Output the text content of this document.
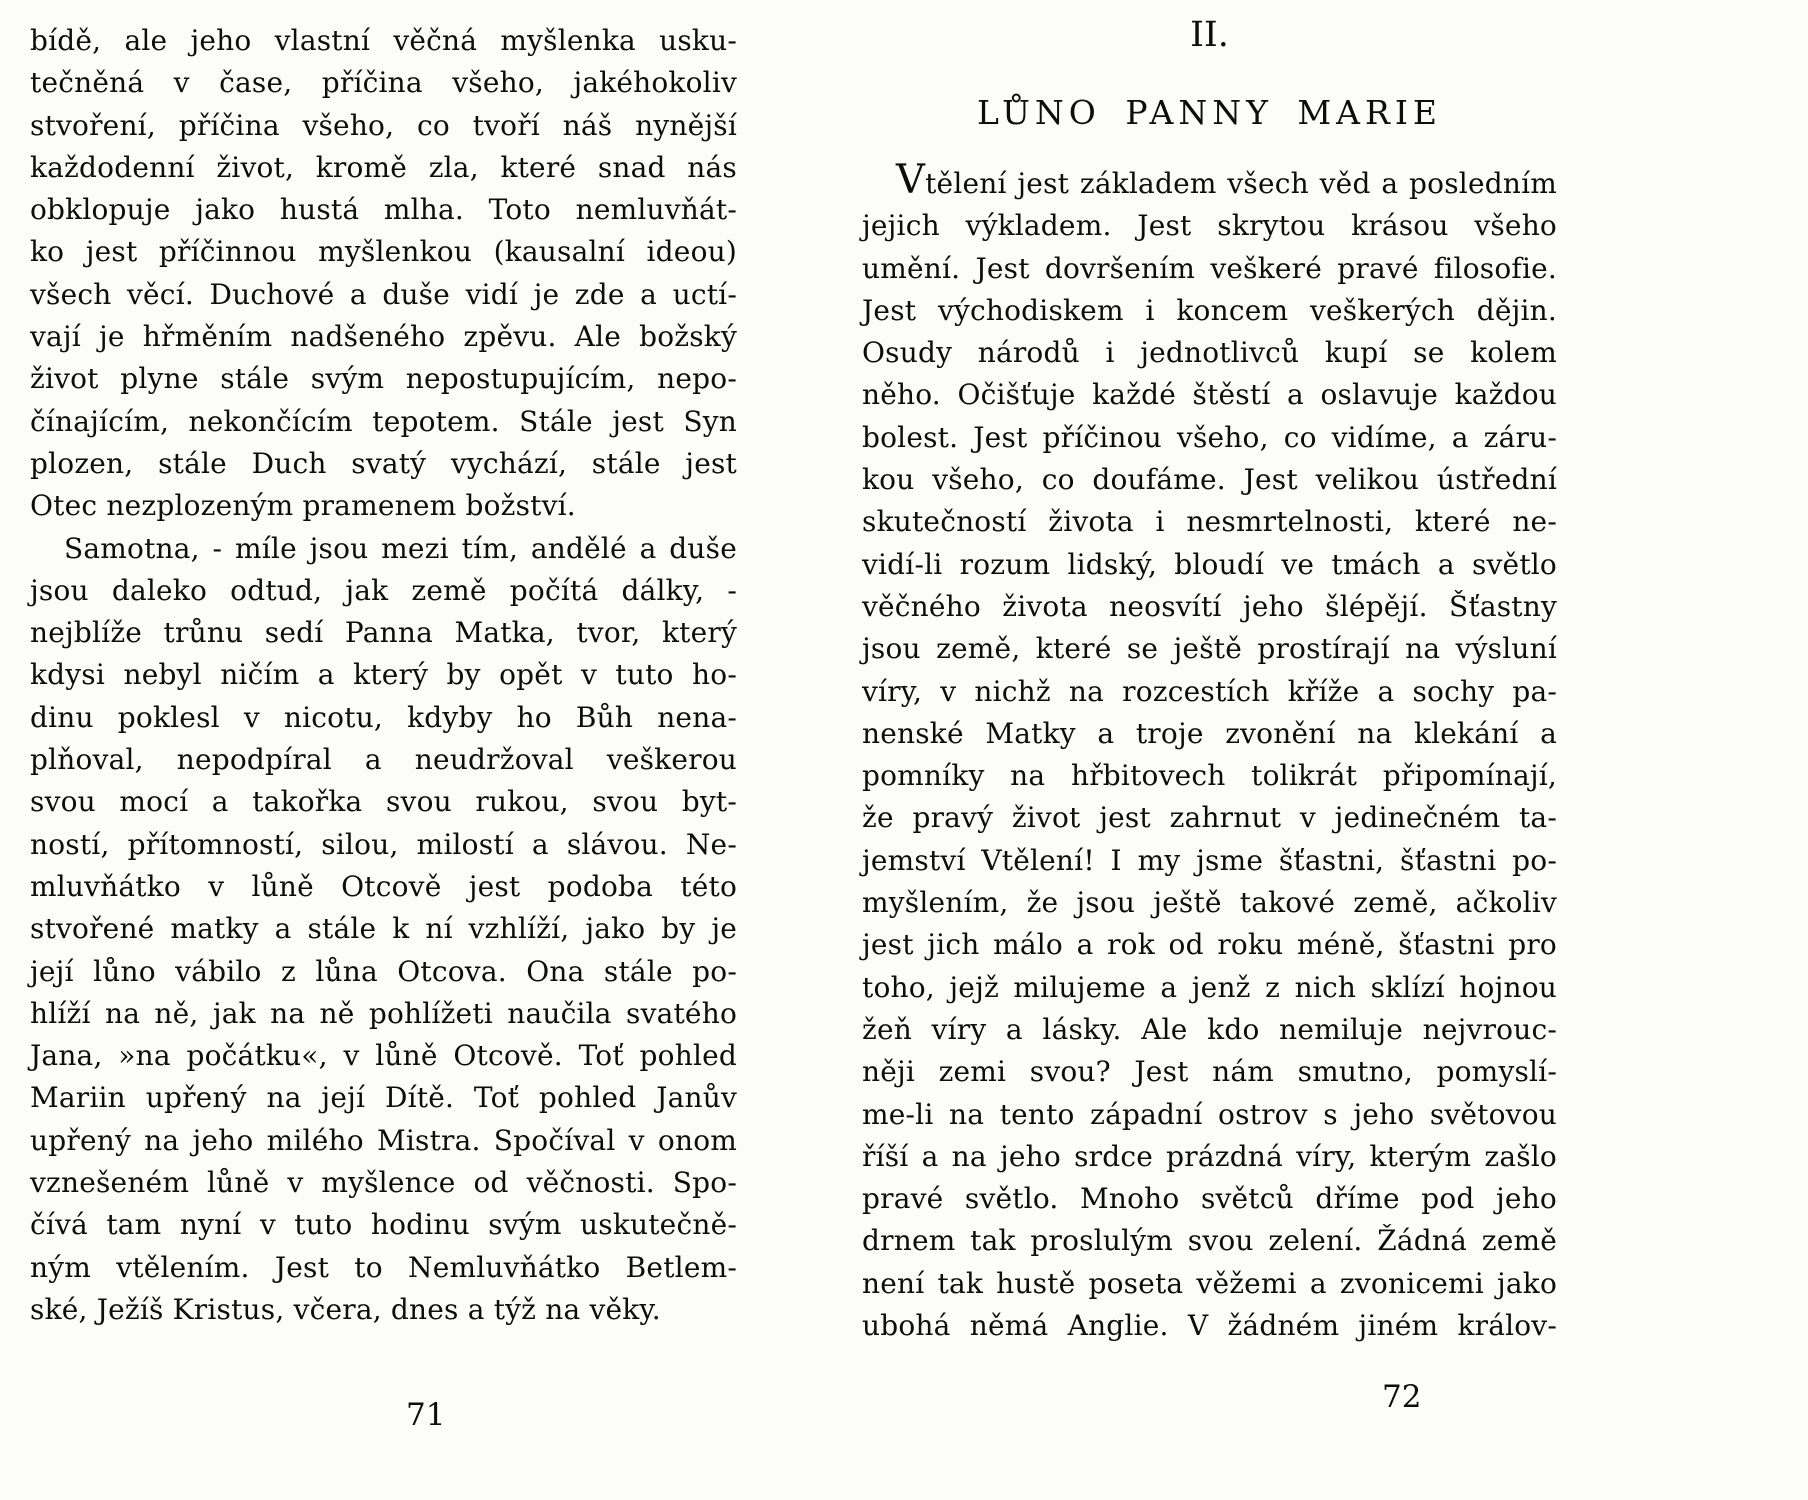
bídě, ale jeho vlastní věčná myšlenka usku-
tečněná v čase, příčina všeho, jakéhokoliv
stvoření, příčina všeho, co tvoří náš nynější
každodenní život, kromě zla, které snad nás
obklopuje jako hustá mlha. Toto nemluvňát-
ko jest příčinnou myšlenkou (kausalní ideou)
všech věcí. Duchové a duše vidí je zde a uctí-
vají je hřměním nadšeného zpěvu. Ale božský
život plyne stále svým nepostupujícím, nepo-
čínajícím, nekončícím tepotem. Stále jest Syn
plozen, stále Duch svatý vychází, stále jest
Otec nezplozeným pramenem božství.
Samotna, - míle jsou mezi tím, andělé a duše
jsou daleko odtud, jak země počítá dálky, -
nejblíže trůnu sedí Panna Matka, tvor, který
kdysi nebyl ničím a který by opět v tuto ho-
dinu poklesl v nicotu, kdyby ho Bůh nena-
plňoval, nepodpíral a neudržoval veškerou
svou mocí a takořka svou rukou, svou byt-
ností, přítomností, silou, milostí a slávou. Ne-
mluvňátko v lůně Otcově jest podoba této
stvořené matky a stále k ní vzhlíží, jako by je
její lůno vábilo z lůna Otcova. Ona stále po-
hlíží na ně, jak na ně pohlížeti naučila svatého
Jana, »na počátku«, v lůně Otcově. Toť pohled
Mariin upřený na její Dítě. Toť pohled Janův
upřený na jeho milého Mistra. Spočíval v onom
vznešeném lůně v myšlence od věčnosti. Spo-
čívá tam nyní v tuto hodinu svým uskutečně-
ným vtělením. Jest to Nemluvňátko Betlem-
ské, Ježíš Kristus, včera, dnes a týž na věky.
II.
LŮNO PANNY MARIE
Vtělení jest základem všech věd a posledním
jejich výkladem. Jest skrytou krásou všeho
umění. Jest dovršením veškeré pravé filosofie.
Jest východiskem i koncem veškerých dějin.
Osudy národů i jednotlivců kupí se kolem
něho. Očišťuje každé štěstí a oslavuje každou
bolest. Jest příčinou všeho, co vidíme, a záru-
kou všeho, co doufáme. Jest velikou ústřední
skutečností života i nesmrtelnosti, které ne-
vidí-li rozum lidský, bloudí ve tmách a světlo
věčného života neosvítí jeho šlépějí. Šťastny
jsou země, které se ještě prostírají na výsluní
víry, v nichž na rozcestích kříže a sochy pa-
nenské Matky a troje zvonění na klekání a
pomníky na hřbitovech tolikrát připomínají,
že pravý život jest zahrnut v jedinečném ta-
jemství Vtělení! I my jsme šťastni, šťastni po-
myšlením, že jsou ještě takové země, ačkoliv
jest jich málo a rok od roku méně, šťastni pro
toho, jejž milujeme a jenž z nich sklízí hojnou
žeň víry a lásky. Ale kdo nemiluje nejvrouc-
něji zemi svou? Jest nám smutno, pomyslí-
me-li na tento západní ostrov s jeho světovou
říší a na jeho srdce prázdná víry, kterým zašlo
pravé světlo. Mnoho světců dříme pod jeho
drnem tak proslulým svou zelení. Žádná země
není tak hustě poseta věžemi a zvonicemi jako
ubohá němá Anglie. V žádném jiném králov-
71	72
